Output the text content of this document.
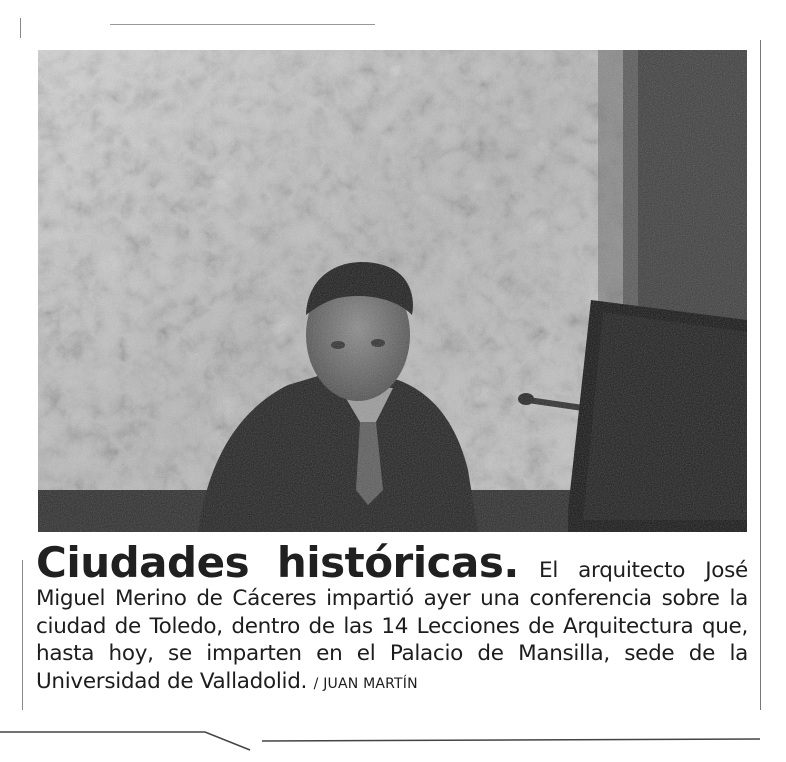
Ciudades históricas. El arquitecto José Miguel Merino de Cáceres impartió ayer una conferencia sobre la ciudad de Toledo, dentro de las 14 Lecciones de Arquitectura que, hasta hoy, se imparten en el Palacio de Mansilla, sede de la Universidad de Valladolid. / JUAN MARTÍN
